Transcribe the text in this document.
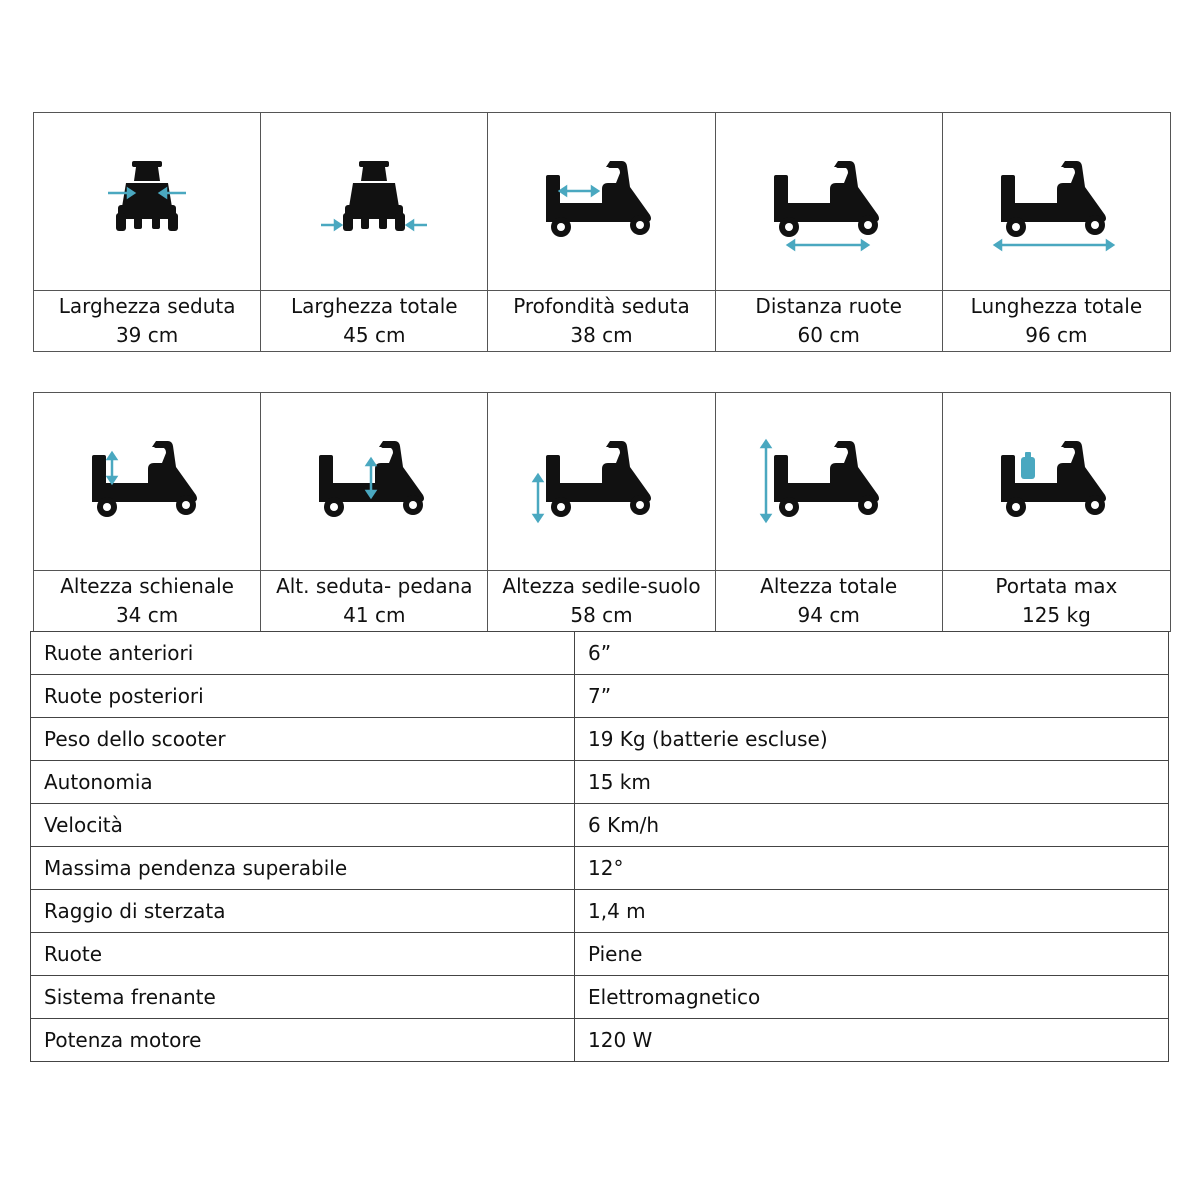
Larghezza seduta
39 cm
Larghezza totale
45 cm
Profondità seduta
38 cm
Distanza ruote
60 cm
Lunghezza totale
96 cm
Altezza schienale
34 cm
Alt. seduta- pedana
41 cm
Altezza sedile-suolo
58 cm
Altezza totale
94 cm
Portata max
125 kg
Ruote anteriori	6”
Ruote posteriori	7”
Peso dello scooter	19 Kg (batterie escluse)
Autonomia	15 km
Velocità	6 Km/h
Massima pendenza superabile	12°
Raggio di sterzata	1,4 m
Ruote	Piene
Sistema frenante	Elettromagnetico
Potenza motore	120 W
